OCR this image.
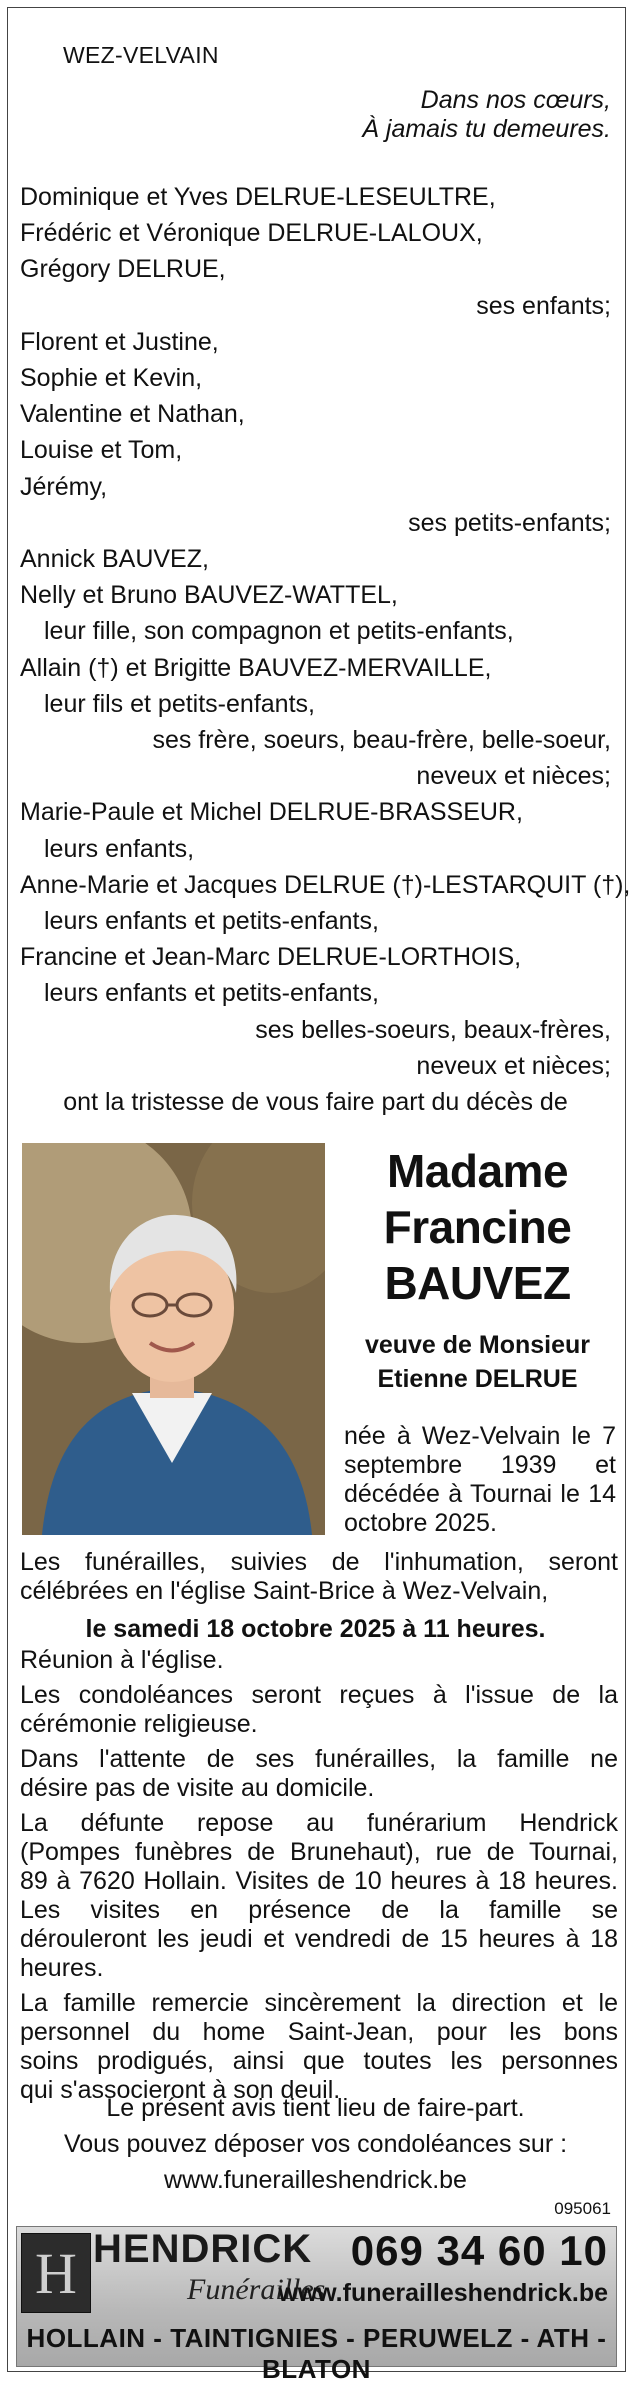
WEZ-VELVAIN
Dans nos cœurs,
À jamais tu demeures.
Dominique et Yves DELRUE-LESEULTRE,
Frédéric et Véronique DELRUE-LALOUX,
Grégory DELRUE,
ses enfants;
Florent et Justine,
Sophie et Kevin,
Valentine et Nathan,
Louise et Tom,
Jérémy,
ses petits-enfants;
Annick BAUVEZ,
Nelly et Bruno BAUVEZ-WATTEL,
leur fille, son compagnon et petits-enfants,
Allain (†) et Brigitte BAUVEZ-MERVAILLE,
leur fils et petits-enfants,
ses frère, soeurs, beau-frère, belle-soeur,
neveux et nièces;
Marie-Paule et Michel DELRUE-BRASSEUR,
leurs enfants,
Anne-Marie et Jacques DELRUE (†)-LESTARQUIT (†),
leurs enfants et petits-enfants,
Francine et Jean-Marc DELRUE-LORTHOIS,
leurs enfants et petits-enfants,
ses belles-soeurs, beaux-frères,
neveux et nièces;
ont la tristesse de vous faire part du décès de
Madame
Francine
BAUVEZ
veuve de Monsieur
Etienne DELRUE
née à Wez-Velvain le 7
septembre 1939 et
décédée à Tournai le 14
octobre 2025.
Les funérailles, suivies de l'inhumation, seront
célébrées en l'église Saint-Brice à Wez-Velvain,
le samedi 18 octobre 2025 à 11 heures.
Réunion à l'église.
Les condoléances seront reçues à l'issue de la
cérémonie religieuse.
Dans l'attente de ses funérailles, la famille ne
désire pas de visite au domicile.
La défunte repose au funérarium Hendrick
(Pompes funèbres de Brunehaut), rue de Tournai,
89 à 7620 Hollain. Visites de 10 heures à 18 heures.
Les visites en présence de la famille se
dérouleront les jeudi et vendredi de 15 heures à 18
heures.
La famille remercie sincèrement la direction et le
personnel du home Saint-Jean, pour les bons
soins prodigués, ainsi que toutes les personnes
qui s'associeront à son deuil.
Le présent avis tient lieu de faire-part.
Vous pouvez déposer vos condoléances sur :
www.funerailleshendrick.be
095061
H HENDRICK
Funérailles
069 34 60 10
www.funerailleshendrick.be
HOLLAIN - TAINTIGNIES - PERUWELZ - ATH - BLATON
